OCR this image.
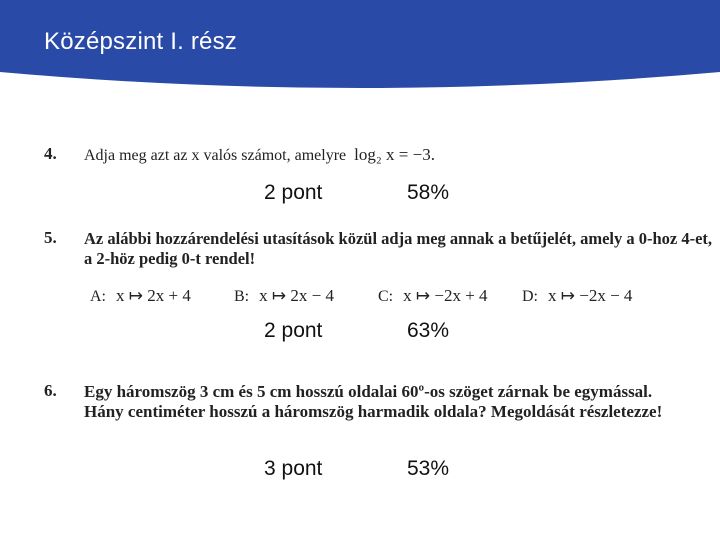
Középszint I. rész
4. Adja meg azt az x valós számot, amelyre log₂ x = −3.
2 pont	58%
5. Az alábbi hozzárendelési utasítások közül adja meg annak a betűjelét, amely a 0-hoz 4-et,
a 2-höz pedig 0-t rendel!
A: x ↦ 2x + 4	B: x ↦ 2x − 4	C: x ↦ −2x + 4 D: x ↦ −2x − 4
2 pont	63%
6. Egy háromszög 3 cm és 5 cm hosszú oldalai 60º-os szöget zárnak be egymással.
Hány centiméter hosszú a háromszög harmadik oldala? Megoldását részletezze!
3 pont	53%
